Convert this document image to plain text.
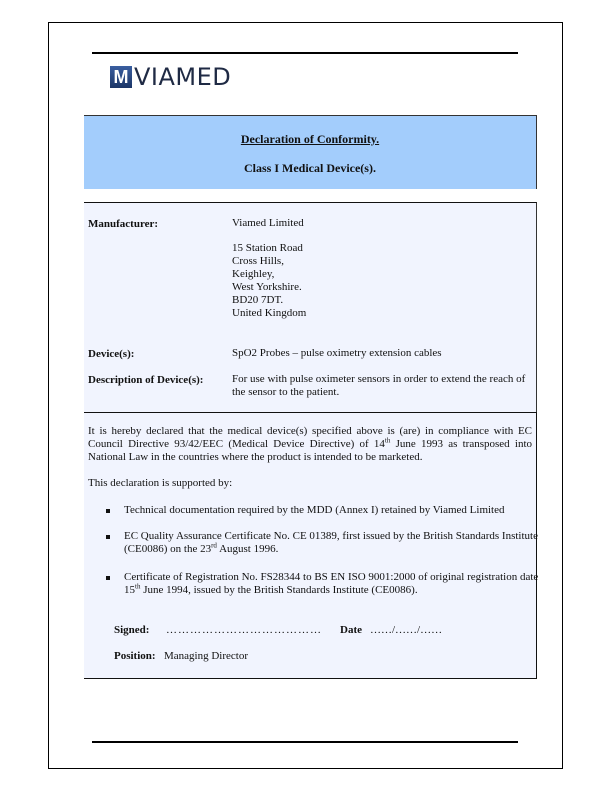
M VIAMED
Declaration of Conformity.
Class I Medical Device(s).
Manufacturer:	Viamed Limited
15 Station Road
Cross Hills,
Keighley,
West Yorkshire.
BD20 7DT.
United Kingdom
Device(s):	SpO2 Probes – pulse oximetry extension cables
Description of Device(s):	For use with pulse oximeter sensors in order to extend the reach of the sensor to the patient.

It is hereby declared that the medical device(s) specified above is (are) in compliance with EC Council Directive 93/42/EEC (Medical Device Directive) of 14th June 1993 as transposed into National Law in the countries where the product is intended to be marketed.

This declaration is supported by:

Technical documentation required by the MDD (Annex I) retained by Viamed Limited
EC Quality Assurance Certificate No. CE 01389, first issued by the British Standards Institute (CE0086) on the 23rd August 1996.
Certificate of Registration No. FS28344 to BS EN ISO 9001:2000 of original registration date 15th June 1994, issued by the British Standards Institute (CE0086).
Signed: ………………………………… Date ……/……/……
Position: Managing Director
